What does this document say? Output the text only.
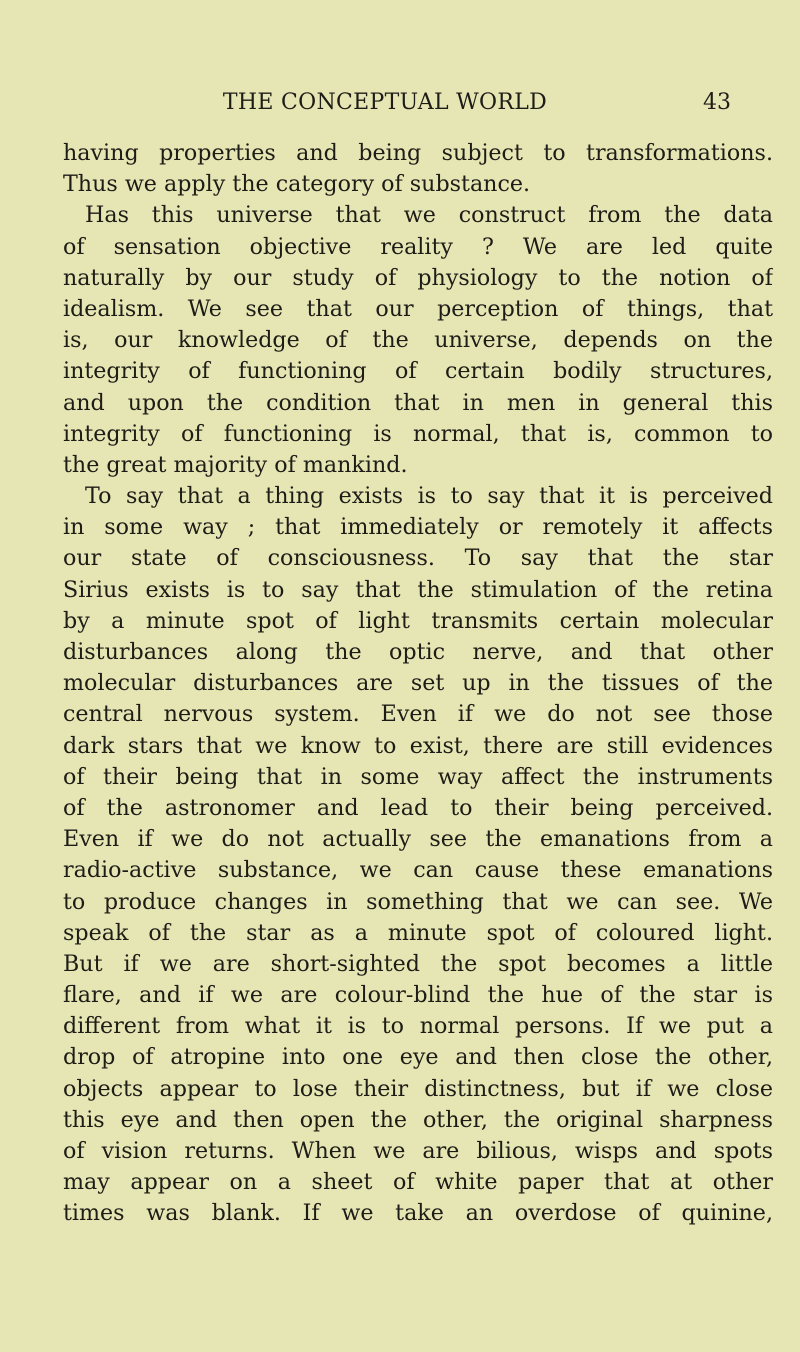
THE CONCEPTUAL WORLD	43
having properties and being subject to transformations.
Thus we apply the category of substance.
Has this universe that we construct from the data
of sensation objective reality ? We are led quite
naturally by our study of physiology to the notion of
idealism. We see that our perception of things, that
is, our knowledge of the universe, depends on the
integrity of functioning of certain bodily structures,
and upon the condition that in men in general this
integrity of functioning is normal, that is, common to
the great majority of mankind.
To say that a thing exists is to say that it is perceived
in some way ; that immediately or remotely it affects
our state of consciousness. To say that the star
Sirius exists is to say that the stimulation of the retina
by a minute spot of light transmits certain molecular
disturbances along the optic nerve, and that other
molecular disturbances are set up in the tissues of the
central nervous system. Even if we do not see those
dark stars that we know to exist, there are still evidences
of their being that in some way affect the instruments
of the astronomer and lead to their being perceived.
Even if we do not actually see the emanations from a
radio-active substance, we can cause these emanations
to produce changes in something that we can see. We
speak of the star as a minute spot of coloured light.
But if we are short-sighted the spot becomes a little
flare, and if we are colour-blind the hue of the star is
different from what it is to normal persons. If we put a
drop of atropine into one eye and then close the other,
objects appear to lose their distinctness, but if we close
this eye and then open the other, the original sharpness
of vision returns. When we are bilious, wisps and spots
may appear on a sheet of white paper that at other
times was blank. If we take an overdose of quinine,
